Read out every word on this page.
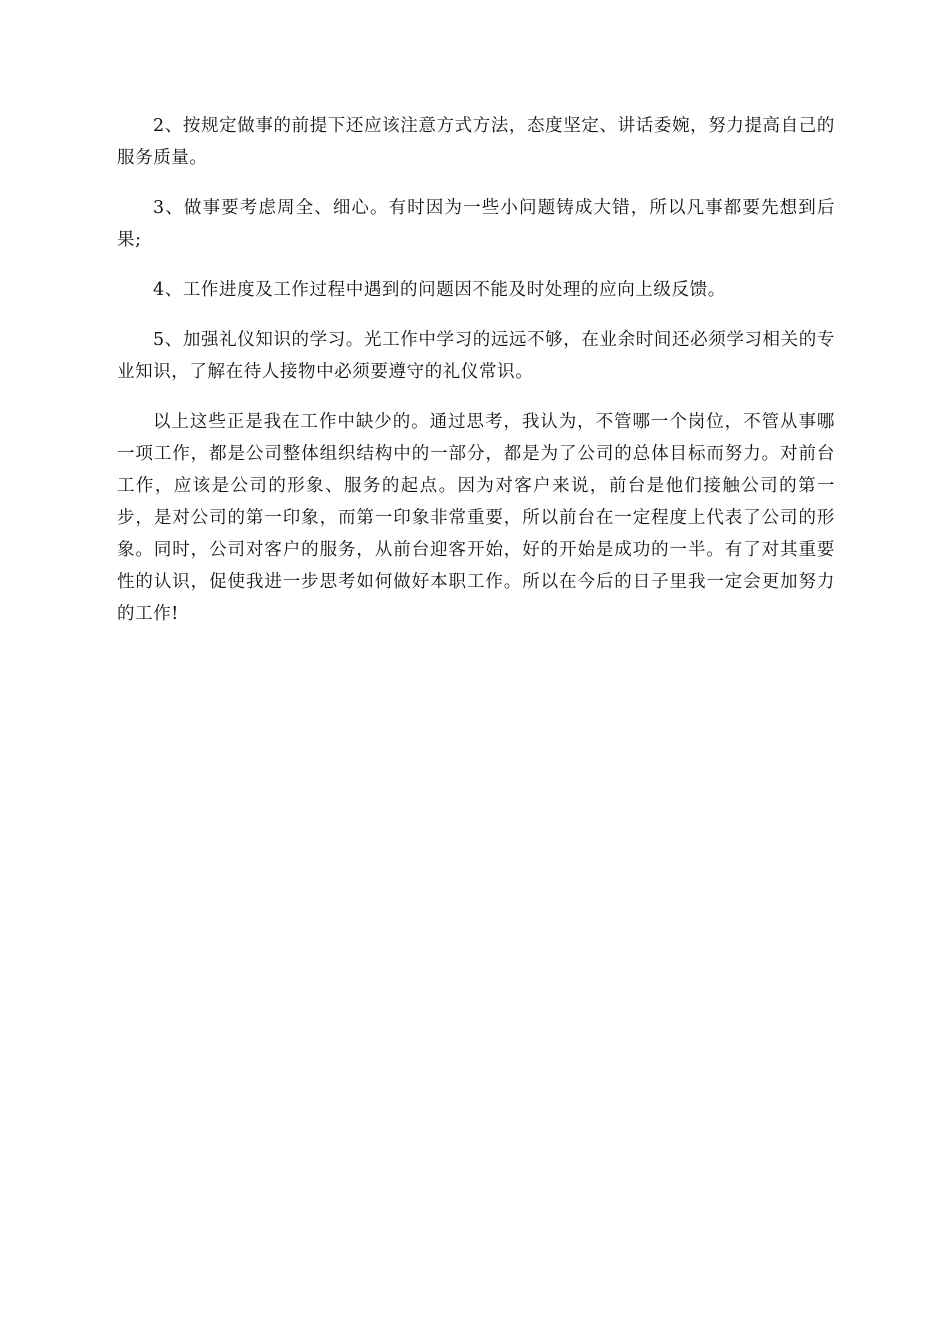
2、按规定做事的前提下还应该注意方式方法，态度坚定、讲话委婉，努力提高自己的服务质量。

3、做事要考虑周全、细心。有时因为一些小问题铸成大错，所以凡事都要先想到后果;

4、工作进度及工作过程中遇到的问题因不能及时处理的应向上级反馈。

5、加强礼仪知识的学习。光工作中学习的远远不够，在业余时间还必须学习相关的专业知识，了解在待人接物中必须要遵守的礼仪常识。

以上这些正是我在工作中缺少的。通过思考，我认为，不管哪一个岗位，不管从事哪一项工作，都是公司整体组织结构中的一部分，都是为了公司的总体目标而努力。对前台工作，应该是公司的形象、服务的起点。因为对客户来说，前台是他们接触公司的第一步，是对公司的第一印象，而第一印象非常重要，所以前台在一定程度上代表了公司的形象。同时，公司对客户的服务，从前台迎客开始，好的开始是成功的一半。有了对其重要性的认识，促使我进一步思考如何做好本职工作。所以在今后的日子里我一定会更加努力的工作!
